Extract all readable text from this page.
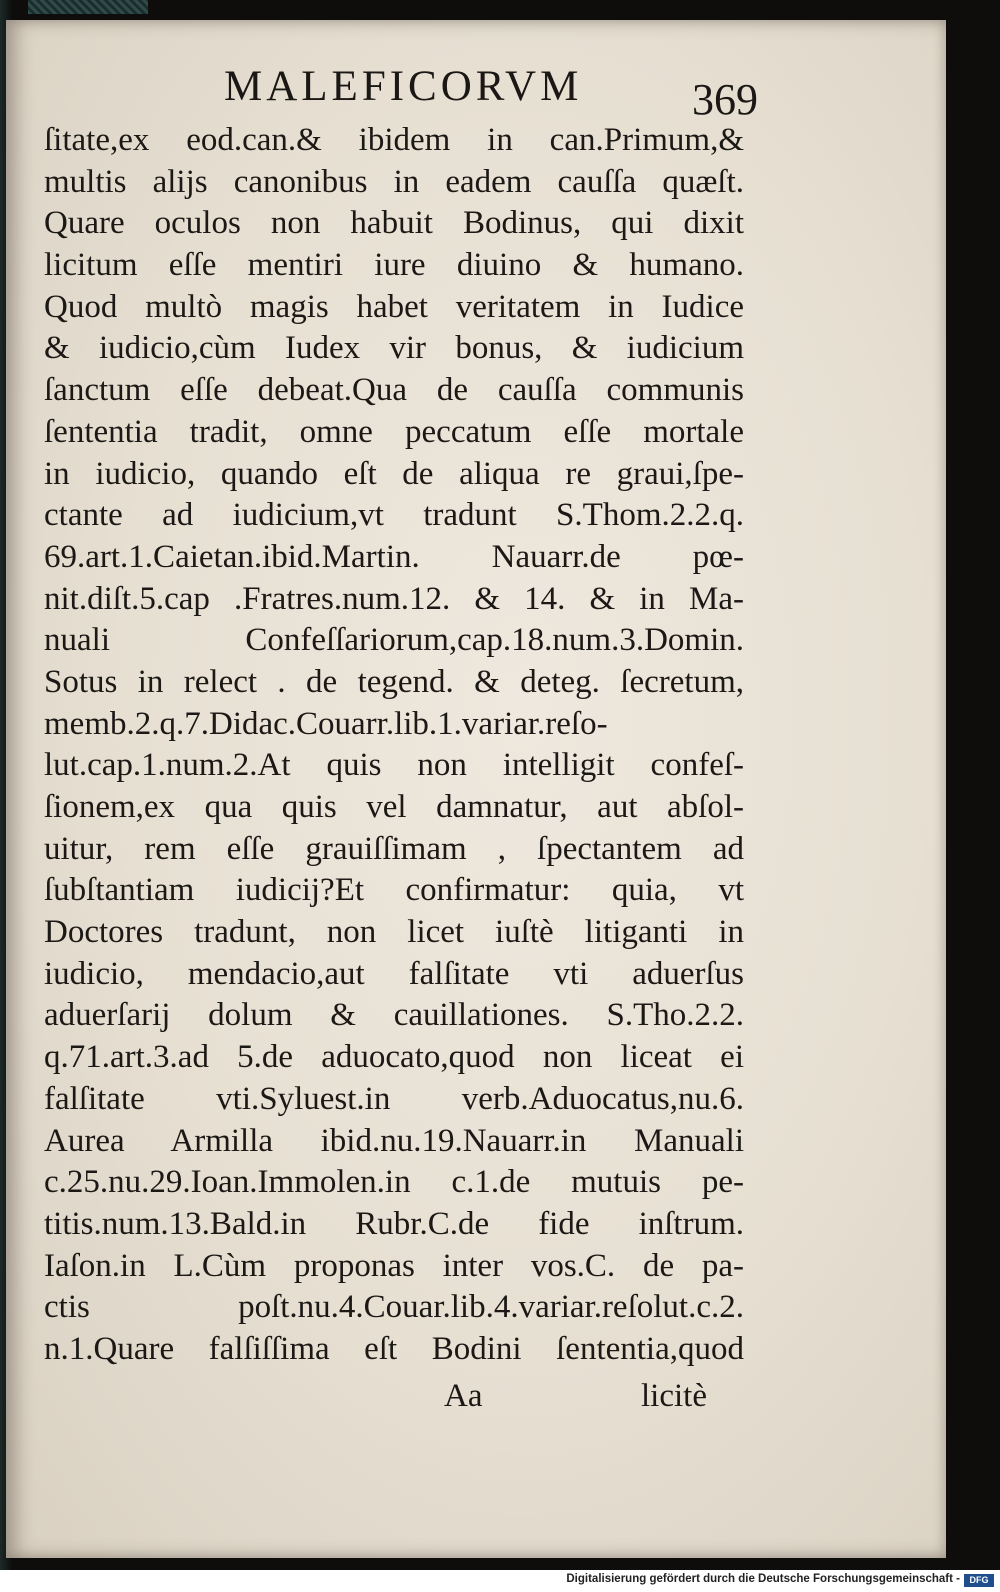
MALEFICORVM 369
ſitate,ex eod.can.& ibidem in can.Primum,&
multis alijs canonibus in eadem cauſſa quæſt.
Quare oculos non habuit Bodinus, qui dixit
licitum eſſe mentiri iure diuino & humano.
Quod multò magis habet veritatem in Iudice
& iudicio,cùm Iudex vir bonus, & iudicium
ſanctum eſſe debeat.Qua de cauſſa communis
ſententia tradit, omne peccatum eſſe mortale
in iudicio, quando eſt de aliqua re graui,ſpe-
ctante ad iudicium,vt tradunt S.Thom.2.2.q.
69.art.1.Caietan.ibid.Martin. Nauarr.de pœ-
nit.diſt.5.cap .Fratres.num.12. & 14. & in Ma-
nuali Confeſſariorum,cap.18.num.3.Domin.
Sotus in relect . de tegend. & deteg. ſecretum,
memb.2.q.7.Didac.Couarr.lib.1.variar.reſo-
lut.cap.1.num.2.At quis non intelligit confeſ-
ſionem,ex qua quis vel damnatur, aut abſol-
uitur, rem eſſe grauiſſimam , ſpectantem ad
ſubſtantiam iudicij?Et confirmatur: quia, vt
Doctores tradunt, non licet iuſtè litiganti in
iudicio, mendacio,aut falſitate vti aduerſus
aduerſarij dolum & cauillationes. S.Tho.2.2.
q.71.art.3.ad 5.de aduocato,quod non liceat ei
falſitate vti.Syluest.in verb.Aduocatus,nu.6.
Aurea Armilla ibid.nu.19.Nauarr.in Manuali
c.25.nu.29.Ioan.Immolen.in c.1.de mutuis pe-
titis.num.13.Bald.in Rubr.C.de fide inſtrum.
Iaſon.in L.Cùm proponas inter vos.C. de pa-
ctis poſt.nu.4.Couar.lib.4.variar.reſolut.c.2.
n.1.Quare falſiſſima eſt Bodini ſententia,quod
Aa	licitè
Digitalisierung gefördert durch die Deutsche Forschungsgemeinschaft -	DFG
